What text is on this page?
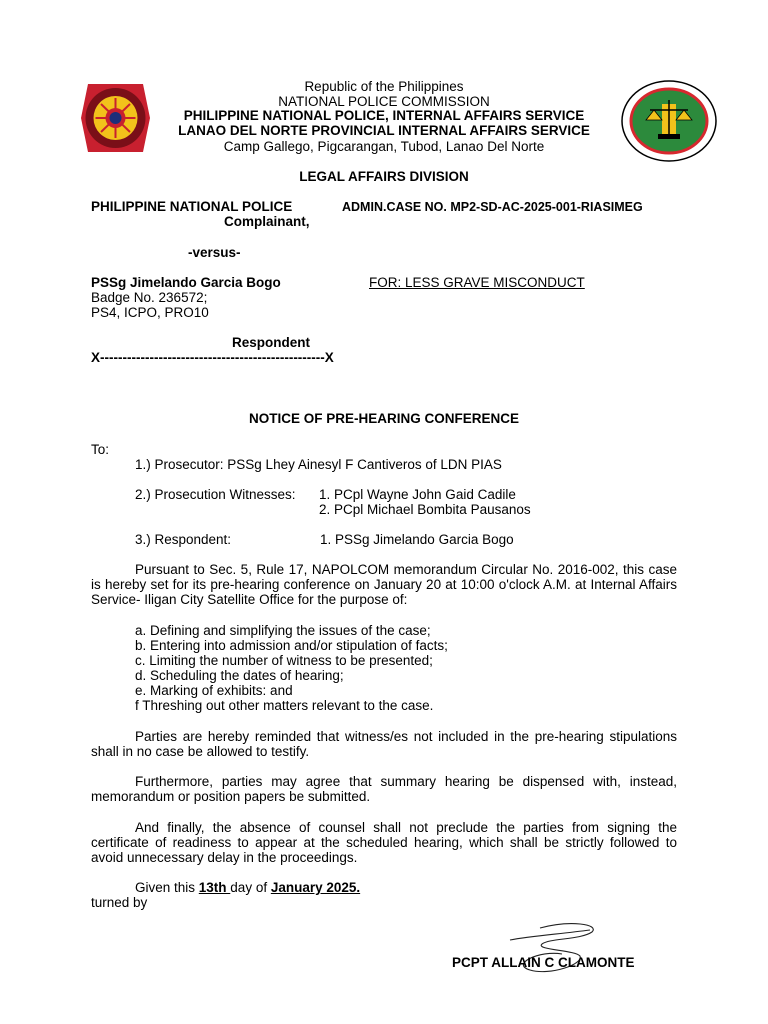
Republic of the Philippines
NATIONAL POLICE COMMISSION
PHILIPPINE NATIONAL POLICE, INTERNAL AFFAIRS SERVICE
LANAO DEL NORTE PROVINCIAL INTERNAL AFFAIRS SERVICE
Camp Gallego, Pigcarangan, Tubod, Lanao Del Norte
LEGAL AFFAIRS DIVISION
PHILIPPINE NATIONAL POLICE	ADMIN.CASE NO. MP2-SD-AC-2025-001-RIASIMEG
Complainant,
-versus-
PSSg Jimelando Garcia Bogo	FOR: LESS GRAVE MISCONDUCT
Badge No. 236572;
PS4, ICPO, PRO10
Respondent
X--------------------------------------------------X
NOTICE OF PRE-HEARING CONFERENCE
To:
1.) Prosecutor: PSSg Lhey Ainesyl F Cantiveros of LDN PIAS
2.) Prosecution Witnesses: 1. PCpl Wayne John Gaid Cadile
2. PCpl Michael Bombita Pausanos
3.) Respondent:	1. PSSg Jimelando Garcia Bogo
Pursuant to Sec. 5, Rule 17, NAPOLCOM memorandum Circular No. 2016-002, this case is hereby set for its pre-hearing conference on January 20 at 10:00 o'clock A.M. at Internal Affairs Service- Iligan City Satellite Office for the purpose of:
a. Defining and simplifying the issues of the case;
b. Entering into admission and/or stipulation of facts;
c. Limiting the number of witness to be presented;
d. Scheduling the dates of hearing;
e. Marking of exhibits: and
f Threshing out other matters relevant to the case.
Parties are hereby reminded that witness/es not included in the pre-hearing stipulations shall in no case be allowed to testify.
Furthermore, parties may agree that summary hearing be dispensed with, instead, memorandum or position papers be submitted.
And finally, the absence of counsel shall not preclude the parties from signing the certificate of readiness to appear at the scheduled hearing, which shall be strictly followed to avoid unnecessary delay in the proceedings.
Given this 13th day of January 2025.
turned by
PCPT ALLAIN C CLAMONTE
